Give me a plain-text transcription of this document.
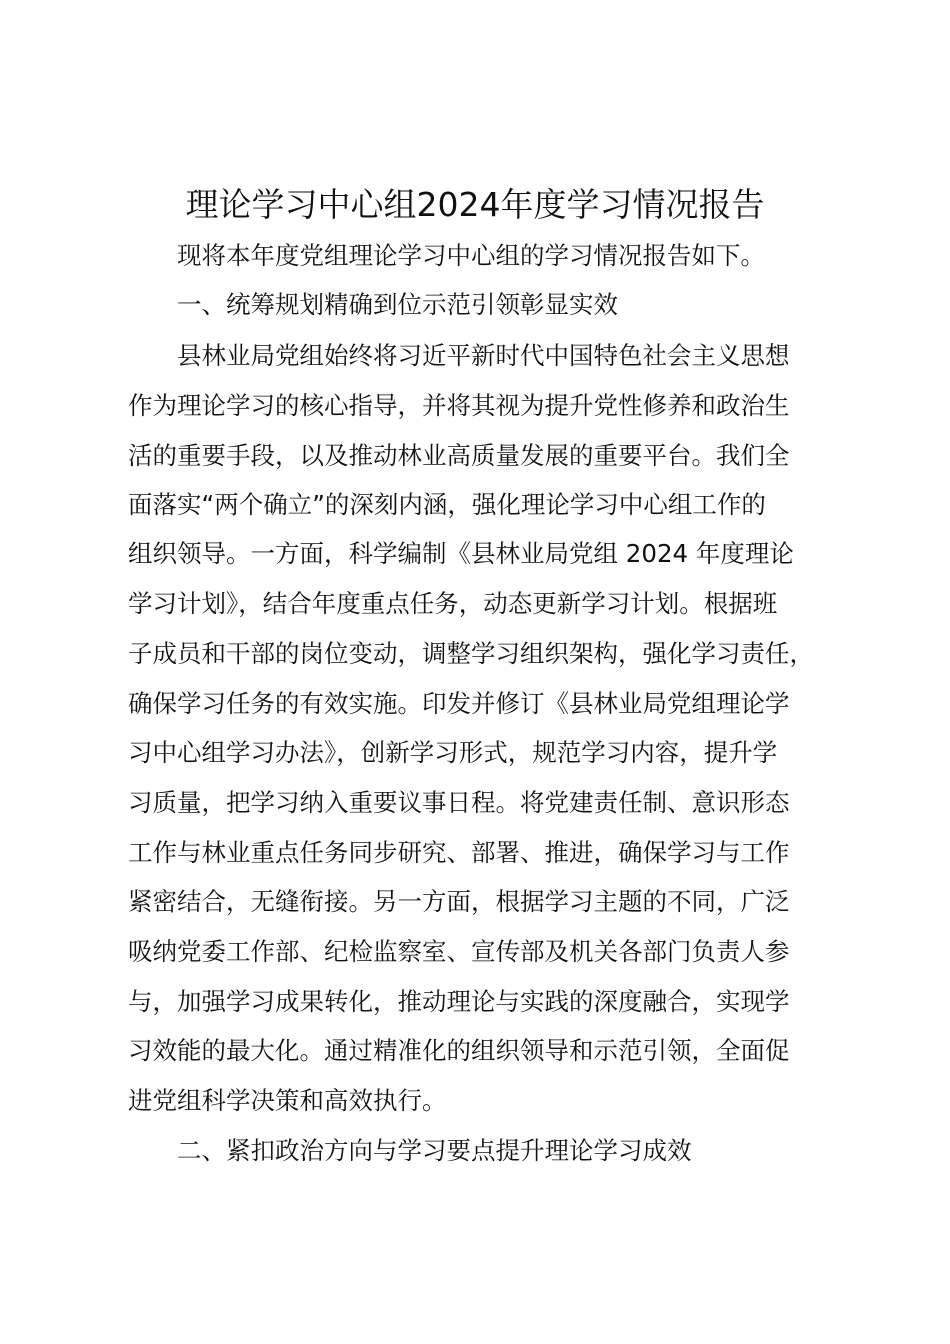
理论学习中心组2024年度学习情况报告
现将本年度党组理论学习中心组的学习情况报告如下。
一、统筹规划精确到位示范引领彰显实效
县林业局党组始终将习近平新时代中国特色社会主义思想
作为理论学习的核心指导，并将其视为提升党性修养和政治生
活的重要手段，以及推动林业高质量发展的重要平台。我们全
面落实“两个确立”的深刻内涵，强化理论学习中心组工作的
组织领导。一方面，科学编制《县林业局党组 2024 年度理论
学习计划》，结合年度重点任务，动态更新学习计划。根据班
子成员和干部的岗位变动，调整学习组织架构，强化学习责任，
确保学习任务的有效实施。印发并修订《县林业局党组理论学
习中心组学习办法》，创新学习形式，规范学习内容，提升学
习质量，把学习纳入重要议事日程。将党建责任制、意识形态
工作与林业重点任务同步研究、部署、推进，确保学习与工作
紧密结合，无缝衔接。另一方面，根据学习主题的不同，广泛
吸纳党委工作部、纪检监察室、宣传部及机关各部门负责人参
与，加强学习成果转化，推动理论与实践的深度融合，实现学
习效能的最大化。通过精准化的组织领导和示范引领，全面促
进党组科学决策和高效执行。
二、紧扣政治方向与学习要点提升理论学习成效
